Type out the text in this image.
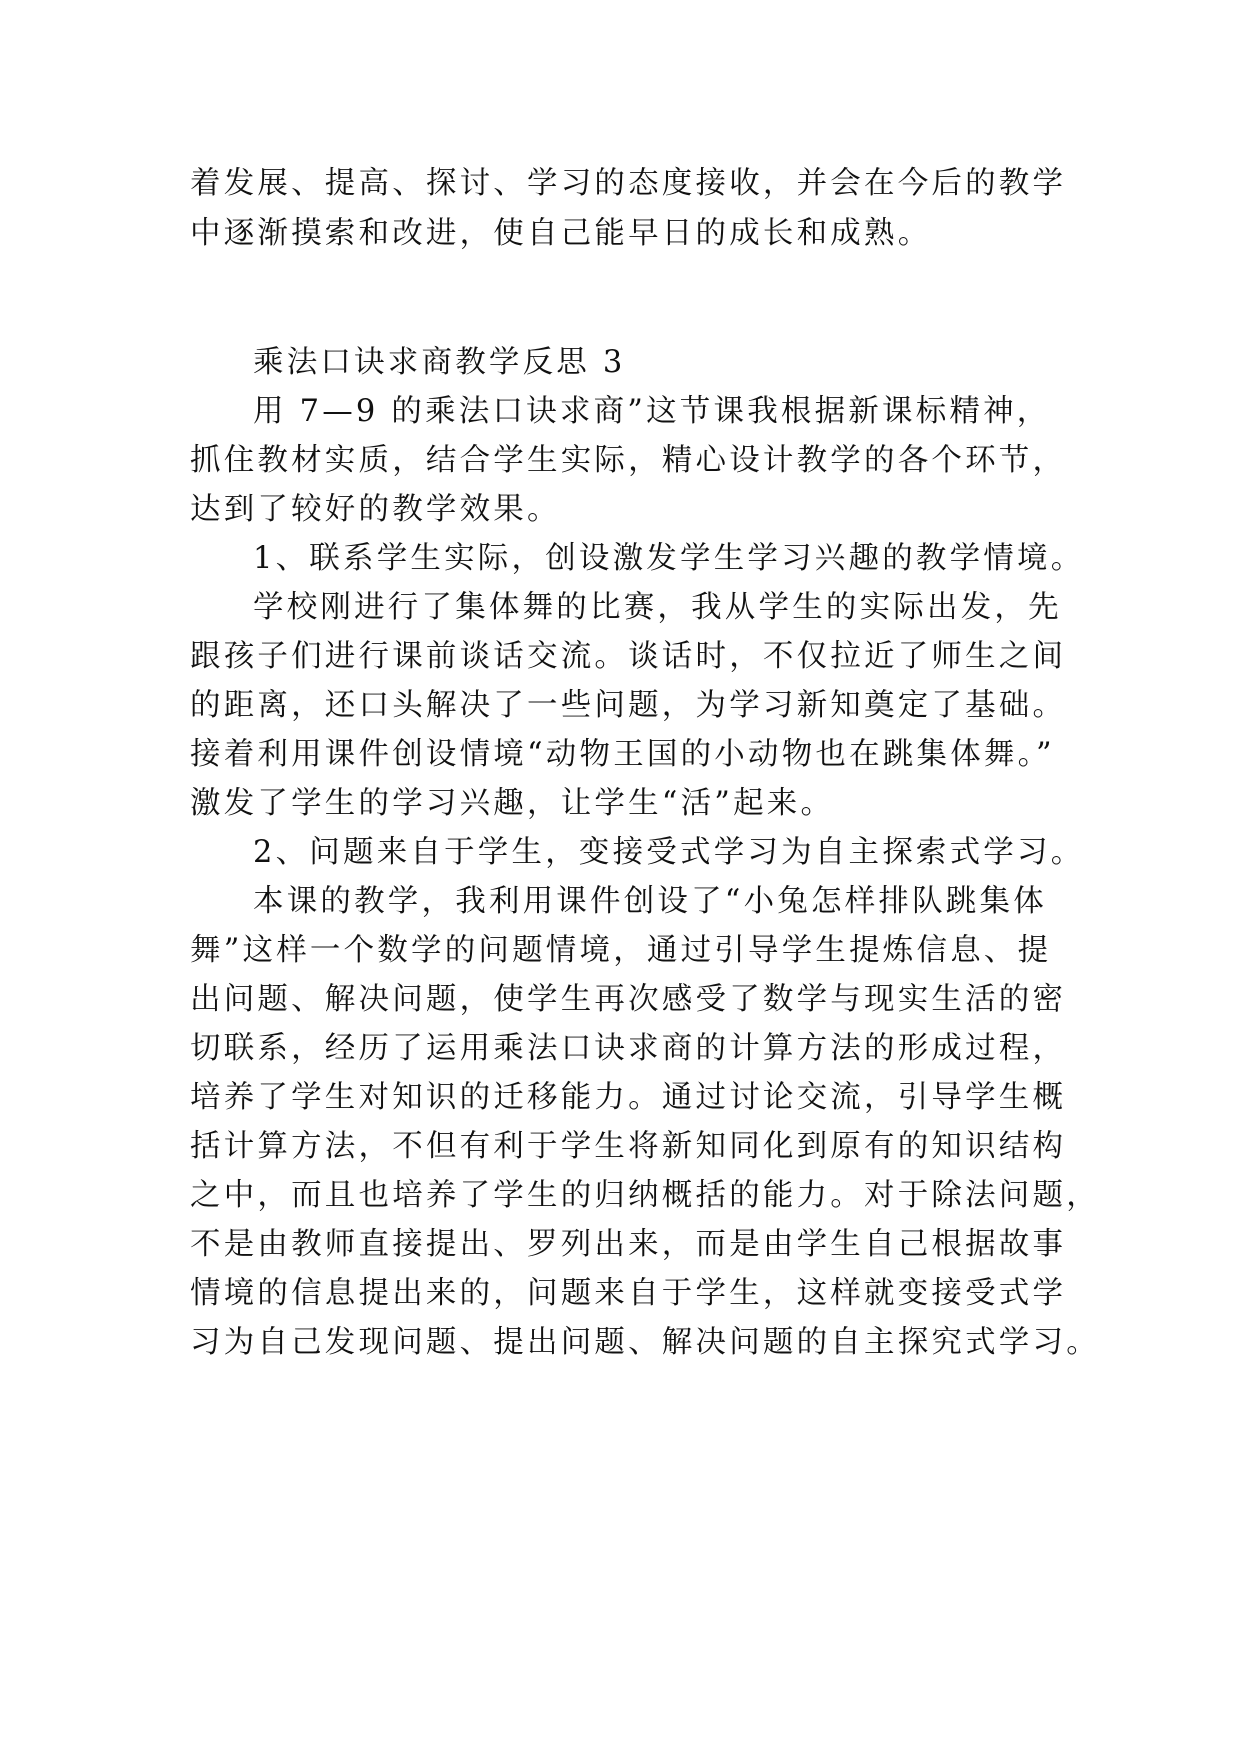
着发展、提高、探讨、学习的态度接收，并会在今后的教学
中逐渐摸索和改进，使自己能早日的成长和成熟。
乘法口诀求商教学反思 3
用 7—9 的乘法口诀求商”这节课我根据新课标精神，
抓住教材实质，结合学生实际，精心设计教学的各个环节，
达到了较好的教学效果。
1、联系学生实际，创设激发学生学习兴趣的教学情境。
学校刚进行了集体舞的比赛，我从学生的实际出发，先
跟孩子们进行课前谈话交流。谈话时，不仅拉近了师生之间
的距离，还口头解决了一些问题，为学习新知奠定了基础。
接着利用课件创设情境“动物王国的小动物也在跳集体舞。”
激发了学生的学习兴趣，让学生“活”起来。
2、问题来自于学生，变接受式学习为自主探索式学习。
本课的教学，我利用课件创设了“小兔怎样排队跳集体
舞”这样一个数学的问题情境，通过引导学生提炼信息、提
出问题、解决问题，使学生再次感受了数学与现实生活的密
切联系，经历了运用乘法口诀求商的计算方法的形成过程，
培养了学生对知识的迁移能力。通过讨论交流，引导学生概
括计算方法，不但有利于学生将新知同化到原有的知识结构
之中，而且也培养了学生的归纳概括的能力。对于除法问题，
不是由教师直接提出、罗列出来，而是由学生自己根据故事
情境的信息提出来的，问题来自于学生，这样就变接受式学
习为自己发现问题、提出问题、解决问题的自主探究式学习。
